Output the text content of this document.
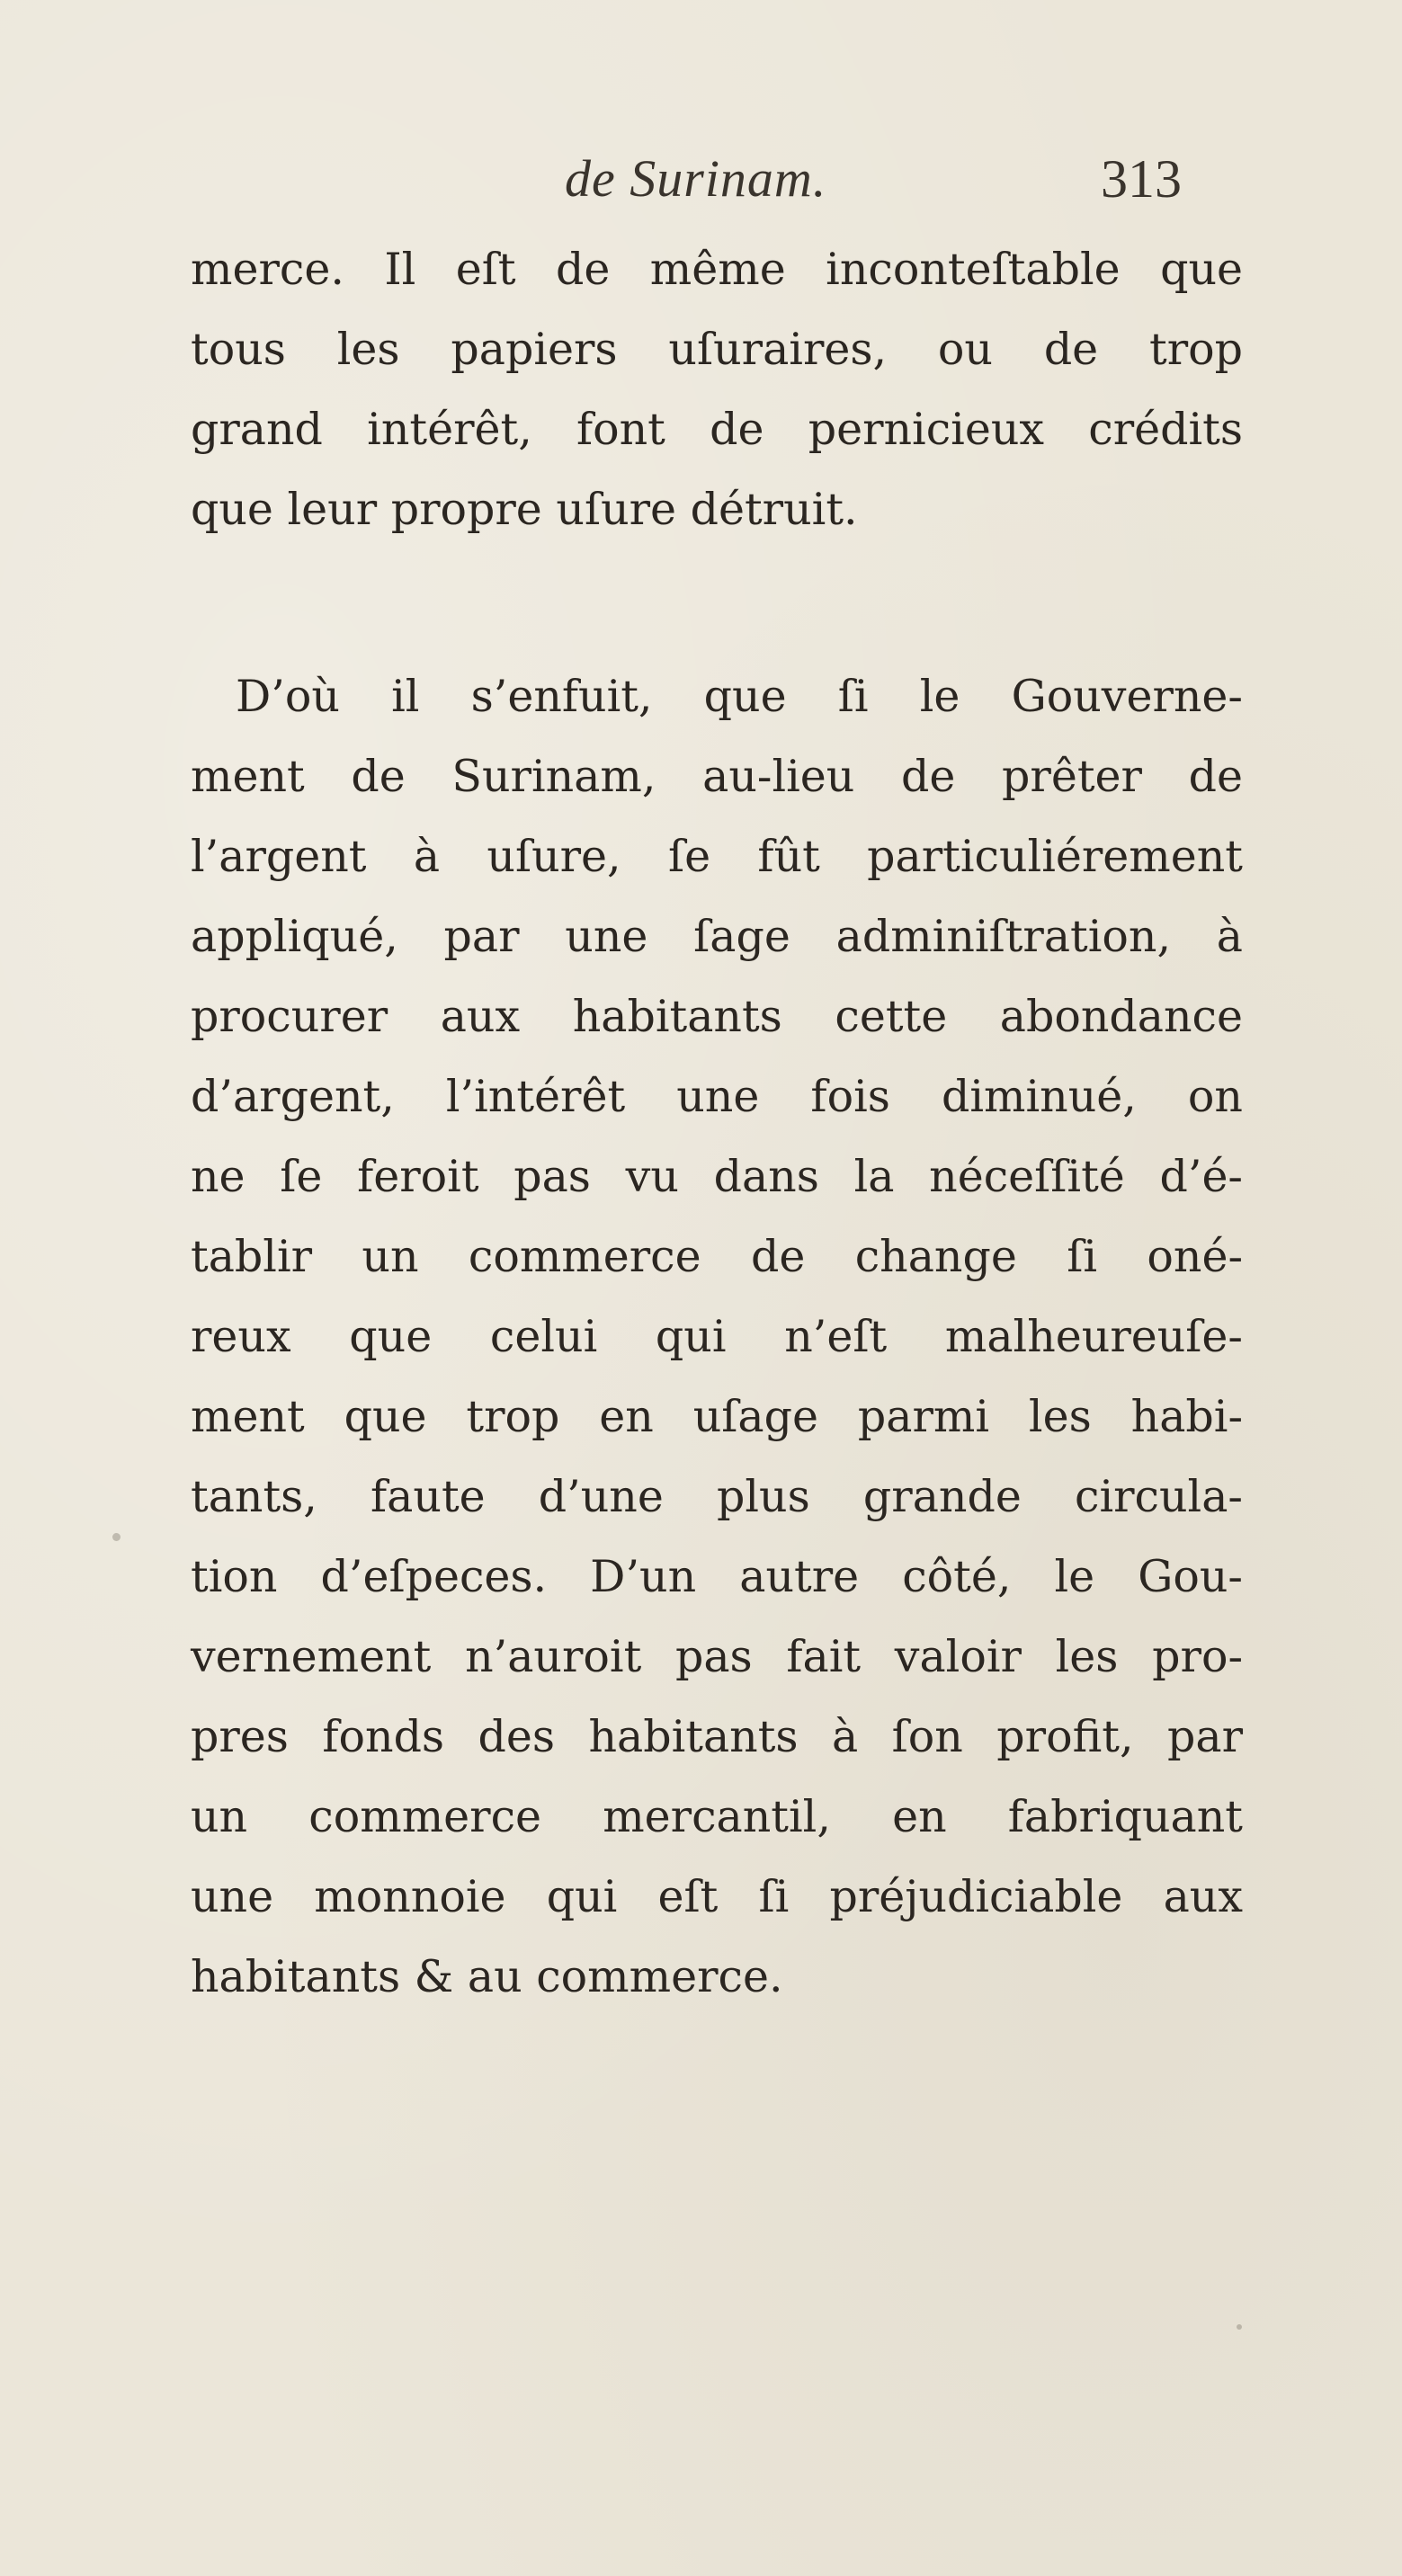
de Surinam.	313
merce. Il eſt de même inconteſtable que
tous les papiers uſuraires, ou de trop
grand intérêt, font de pernicieux crédits
que leur propre uſure détruit.
D’où il s’enfuit, que ſi le Gouverne-
ment de Surinam, au-lieu de prêter de
l’argent à uſure, ſe fût particuliérement
appliqué, par une ſage adminiſtration, à
procurer aux habitants cette abondance
d’argent, l’intérêt une fois diminué, on
ne ſe feroit pas vu dans la néceſſité d’é-
tablir un commerce de change ſi oné-
reux que celui qui n’eſt malheureuſe-
ment que trop en uſage parmi les habi-
tants, faute d’une plus grande circula-
tion d’eſpeces. D’un autre côté, le Gou-
vernement n’auroit pas fait valoir les pro-
pres fonds des habitants à ſon profit, par
un commerce mercantil, en fabriquant
une monnoie qui eſt ſi préjudiciable aux
habitants & au commerce.
